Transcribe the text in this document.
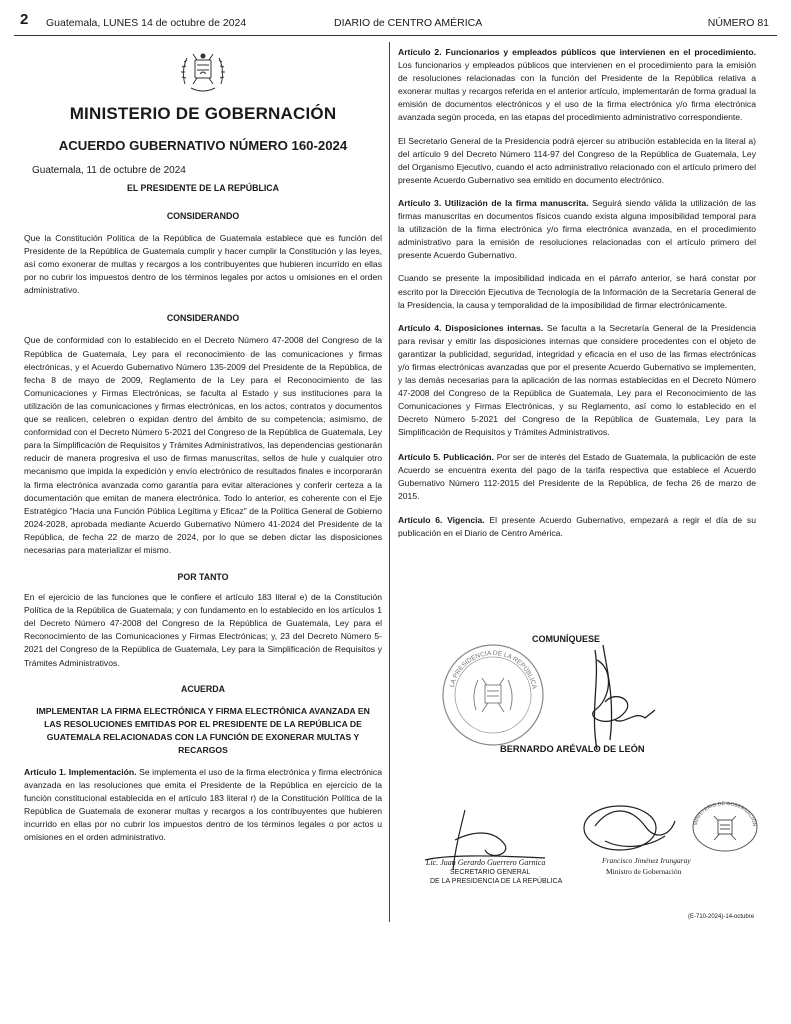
2 Guatemala, LUNES 14 de octubre de 2024	DIARIO de CENTRO AMÉRICA	NÚMERO 81
MINISTERIO DE GOBERNACIÓN
ACUERDO GUBERNATIVO NÚMERO 160-2024
Guatemala, 11 de octubre de 2024
EL PRESIDENTE DE LA REPÚBLICA
CONSIDERANDO

Que la Constitución Política de la República de Guatemala establece que es función del Presidente de la República de Guatemala cumplir y hacer cumplir la Constitución y las leyes, así como exonerar de multas y recargos a los contribuyentes que hubieren incurrido en ellas por no cubrir los impuestos dentro de los términos legales por actos u omisiones en el orden administrativo.

CONSIDERANDO

Que de conformidad con lo establecido en el Decreto Número 47-2008 del Congreso de la República de Guatemala, Ley para el reconocimiento de las comunicaciones y firmas electrónicas, y el Acuerdo Gubernativo Número 135-2009 del Presidente de la República, de fecha 8 de mayo de 2009, Reglamento de la Ley para el Reconocimiento de las Comunicaciones y Firmas Electrónicas, se faculta al Estado y sus instituciones para la utilización de las comunicaciones y firmas electrónicas, en los actos, contratos y documentos que se realicen, celebren o expidan dentro del ámbito de su competencia; asimismo, de conformidad con el Decreto Número 5-2021 del Congreso de la República de Guatemala, Ley para la Simplificación de Requisitos y Trámites Administrativos, las dependencias gestionarán reducir de manera progresiva el uso de firmas manuscritas, sellos de hule y cualquier otro mecanismo que impida la expedición y envío electrónico de resultados finales e incorporarán la firma electrónica avanzada como garantía para evitar alteraciones y conferir certeza a la documentación que emitan de manera electrónica. Todo lo anterior, es coherente con el Eje Estratégico "Hacia una Función Pública Legítima y Eficaz" de la Política General de Gobierno 2024-2028, aprobada mediante Acuerdo Gubernativo Número 41-2024 del Presidente de la República, de fecha 22 de marzo de 2024, por lo que se deben dictar las disposiciones necesarias para materializar el mismo.

POR TANTO

En el ejercicio de las funciones que le confiere el artículo 183 literal e) de la Constitución Política de la República de Guatemala; y con fundamento en lo establecido en los artículos 1 del Decreto Número 47-2008 del Congreso de la República de Guatemala, Ley para el Reconocimiento de las Comunicaciones y Firmas Electrónicas; y, 23 del Decreto Número 5-2021 del Congreso de la República de Guatemala, Ley para la Simplificación de Requisitos y Trámites Administrativos.

ACUERDA

IMPLEMENTAR LA FIRMA ELECTRÓNICA Y FIRMA ELECTRÓNICA AVANZADA EN LAS RESOLUCIONES EMITIDAS POR EL PRESIDENTE DE LA REPÚBLICA DE GUATEMALA RELACIONADAS CON LA FUNCIÓN DE EXONERAR MULTAS Y RECARGOS

Artículo 1. Implementación. Se implementa el uso de la firma electrónica y firma electrónica avanzada en las resoluciones que emita el Presidente de la República en ejercicio de la función constitucional establecida en el artículo 183 literal r) de la Constitución Política de la República de Guatemala de exonerar multas y recargos a los contribuyentes que hubieren incurrido en ellas por no cubrir los impuestos dentro de los términos legales o por actos u omisiones en el orden administrativo.

Artículo 2. Funcionarios y empleados públicos que intervienen en el procedimiento. Los funcionarios y empleados públicos que intervienen en el procedimiento para la emisión de resoluciones relacionadas con la función del Presidente de la República relativa a exonerar multas y recargos referida en el anterior artículo, implementarán de forma gradual la emisión de documentos electrónicos y el uso de la firma electrónica y/o firma electrónica avanzada según proceda, en las etapas del procedimiento administrativo correspondiente.

El Secretario General de la Presidencia podrá ejercer su atribución establecida en la literal a) del artículo 9 del Decreto Número 114-97 del Congreso de la República de Guatemala, Ley del Organismo Ejecutivo, cuando el acto administrativo relacionado con el artículo primero del presente Acuerdo Gubernativo sea emitido en documento electrónico.

Artículo 3. Utilización de la firma manuscrita. Seguirá siendo válida la utilización de las firmas manuscritas en documentos físicos cuando exista alguna imposibilidad temporal para la utilización de la firma electrónica y/o firma electrónica avanzada, en el procedimiento administrativo para la emisión de resoluciones relacionadas con el artículo primero del presente Acuerdo Gubernativo.

Cuando se presente la imposibilidad indicada en el párrafo anterior, se hará constar por escrito por la Dirección Ejecutiva de Tecnología de la Información de la Secretaría General de la Presidencia, la causa y temporalidad de la imposibilidad de firmar electrónicamente.

Artículo 4. Disposiciones internas. Se faculta a la Secretaría General de la Presidencia para revisar y emitir las disposiciones internas que considere procedentes con el objeto de garantizar la publicidad, seguridad, integridad y eficacia en el uso de las firmas electrónicas y/o firmas electrónicas avanzadas que por el presente Acuerdo Gubernativo se implementen, y las demás necesarias para la aplicación de las normas establecidas en el Decreto Número 47-2008 del Congreso de la República de Guatemala, Ley para el Reconocimiento de las Comunicaciones y Firmas Electrónicas, y su Reglamento, así como lo establecido en el Decreto Número 5-2021 del Congreso de la República de Guatemala, Ley para la Simplificación de Requisitos y Trámites Administrativos.

Artículo 5. Publicación. Por ser de interés del Estado de Guatemala, la publicación de este Acuerdo se encuentra exenta del pago de la tarifa respectiva que establece el Acuerdo Gubernativo Número 112-2015 del Presidente de la República, de fecha 26 de marzo de 2015.

Artículo 6. Vigencia. El presente Acuerdo Gubernativo, empezará a regir el día de su publicación en el Diario de Centro América.

COMUNÍQUESE
LA PRESIDENCIA DE LA REPÚBLICA
BERNARDO ARÉVALO DE LEÓN
Lic. Juan Gerardo Guerrero Garnica
SECRETARIO GENERAL
DE LA PRESIDENCIA DE LA REPÚBLICA
MINISTERIO DE GOBERNACIÓN
Francisco Jiménez Irungaray
Ministro de Gobernación
(E-710-2024)-14-octubre
